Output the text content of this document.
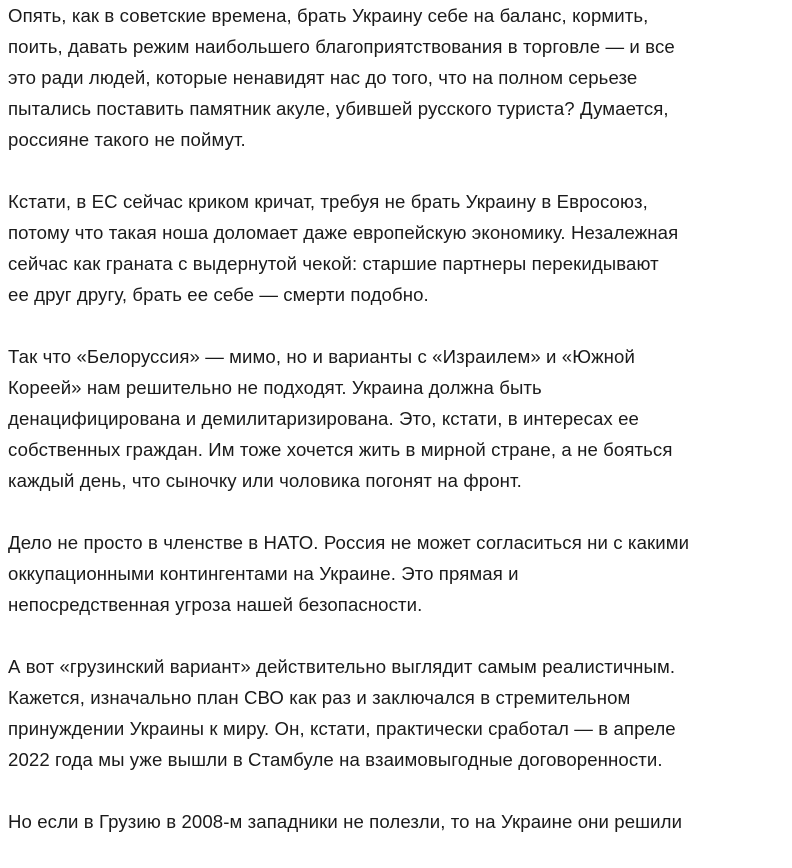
Опять, как в советские времена, брать Украину себе на баланс, кормить,
поить, давать режим наибольшего благоприятствования в торговле — и все
это ради людей, которые ненавидят нас до того, что на полном серьезе
пытались поставить памятник акуле, убившей русского туриста? Думается,
россияне такого не поймут.

Кстати, в ЕС сейчас криком кричат, требуя не брать Украину в Евросоюз,
потому что такая ноша доломает даже европейскую экономику. Незалежная
сейчас как граната с выдернутой чекой: старшие партнеры перекидывают
ее друг другу, брать ее себе — смерти подобно.

Так что «Белоруссия» — мимо, но и варианты с «Израилем» и «Южной
Кореей» нам решительно не подходят. Украина должна быть
денацифицирована и демилитаризирована. Это, кстати, в интересах ее
собственных граждан. Им тоже хочется жить в мирной стране, а не бояться
каждый день, что сыночку или чоловика погонят на фронт.

Дело не просто в членстве в НАТО. Россия не может согласиться ни с какими
оккупационными контингентами на Украине. Это прямая и
непосредственная угроза нашей безопасности.

А вот «грузинский вариант» действительно выглядит самым реалистичным.
Кажется, изначально план СВО как раз и заключался в стремительном
принуждении Украины к миру. Он, кстати, практически сработал — в апреле
2022 года мы уже вышли в Стамбуле на взаимовыгодные договоренности.

Но если в Грузию в 2008-м западники не полезли, то на Украине они решили
